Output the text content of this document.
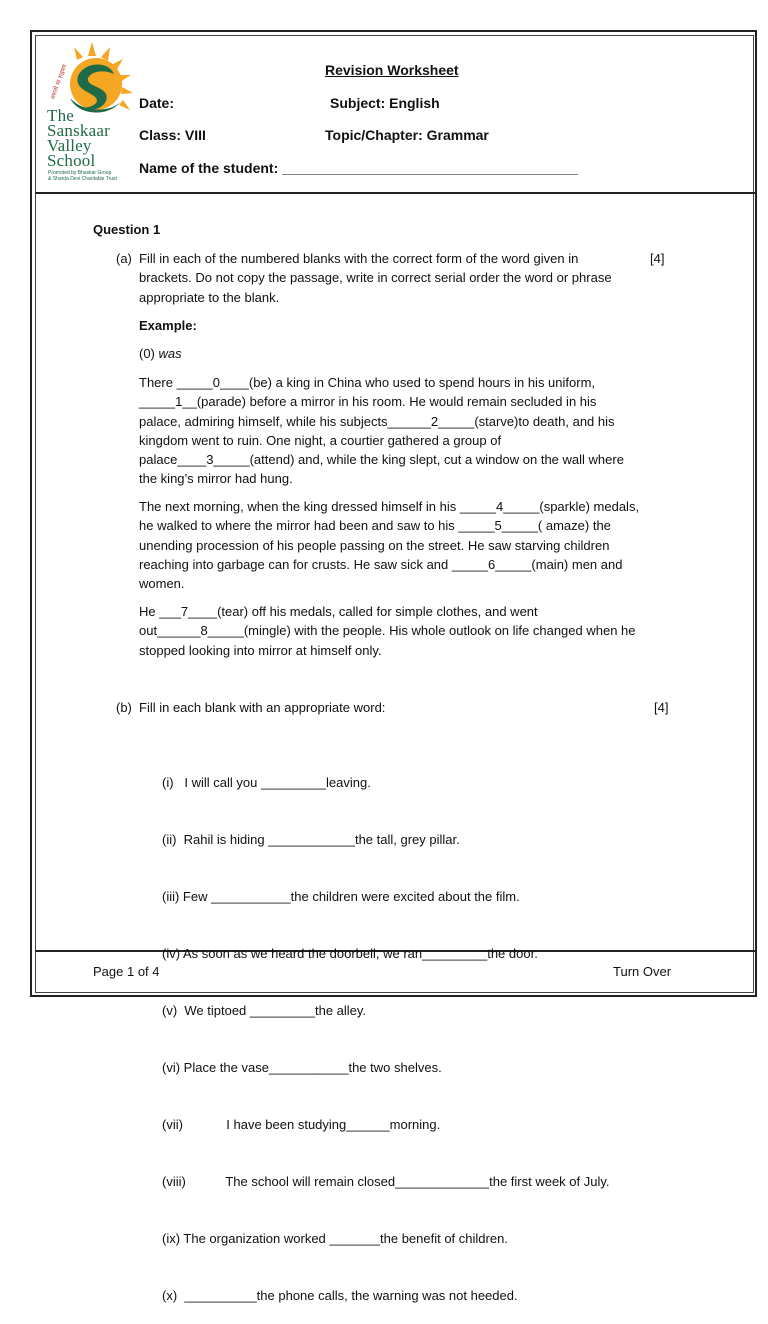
असतो मा सद्गमय
The
Sanskaar
Valley
School
Promoted by Bhaskar Group
& Sharda Devi Charitable Trust
Revision Worksheet
Date:	Subject: English
Class: VIII	Topic/Chapter: Grammar
Name of the student: ______________________________________
Question 1
(a)	[4]
Fill in each of the numbered blanks with the correct form of the word given in
brackets. Do not copy the passage, write in correct serial order the word or phrase
appropriate to the blank.
Example:
(0) was
There _____0____(be) a king in China who used to spend hours in his uniform,
_____1__(parade) before a mirror in his room. He would remain secluded in his
palace, admiring himself, while his subjects______2_____(starve)to death, and his
kingdom went to ruin. One night, a courtier gathered a group of
palace____3_____(attend) and, while the king slept, cut a window on the wall where
the king’s mirror had hung.
The next morning, when the king dressed himself in his _____4_____(sparkle) medals,
he walked to where the mirror had been and saw to his _____5_____( amaze) the
unending procession of his people passing on the street. He saw starving children
reaching into garbage can for crusts. He saw sick and _____6_____(main) men and
women.
He ___7____(tear) off his medals, called for simple clothes, and went
out______8_____(mingle) with the people. His whole outlook on life changed when he
stopped looking into mirror at himself only.
(b) Fill in each blank with an appropriate word:	[4]

(i)   I will call you _________leaving.

(ii)  Rahil is hiding ____________the tall, grey pillar.

(iii) Few ___________the children were excited about the film.

(iv) As soon as we heard the doorbell, we ran_________the door.

(v)  We tiptoed _________the alley.

(vi) Place the vase___________the two shelves.

(vii)            I have been studying______morning.

(viii)           The school will remain closed_____________the first week of July.

(ix) The organization worked _______the benefit of children.

(x)  __________the phone calls, the warning was not heeded.

Page 1 of 4	Turn Over
